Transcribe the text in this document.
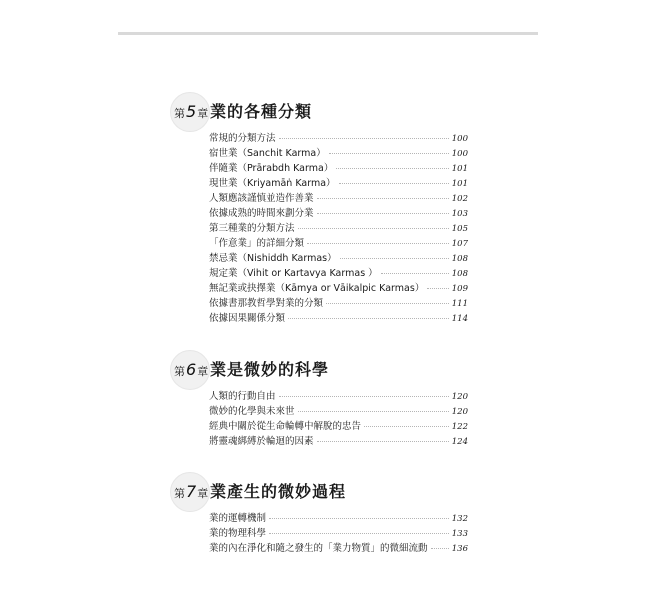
第5章 業的各種分類
常規的分類方法	100
宿世業（Sanchit Karma）	100
伴隨業（Prārabdh Karma）	101
現世業（Kriyamāṅ Karma）	101
人類應該謹慎並造作善業	102
依據成熟的時間來劃分業	103
第三種業的分類方法	105
「作意業」的詳細分類	107
禁忌業（Nishiddh Karmas）	108
規定業（Vihit or Kartavya Karmas ）	108
無記業或抉擇業（Kāmya or Vāikalpic Karmas）	109
依據書那教哲學對業的分類	111
依據因果關係分類	114
第6章 業是微妙的科學
人類的行動自由	120
微妙的化學與未來世	120
經典中關於從生命輪轉中解脫的忠告	122
將靈魂綁縛於輪迴的因素	124
第7章 業產生的微妙過程
業的運轉機制	132
業的物理科學	133
業的內在淨化和隨之發生的「業力物質」的微細流動	136
